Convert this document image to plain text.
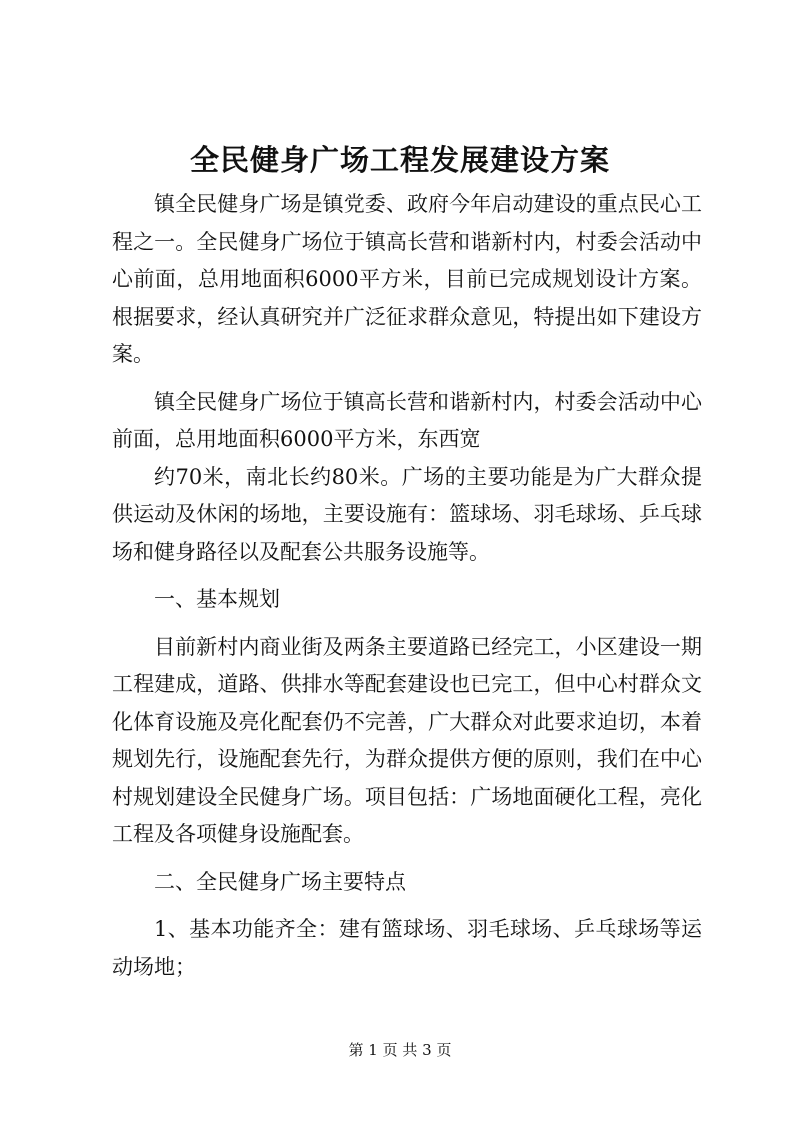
全民健身广场工程发展建设方案

镇全民健身广场是镇党委、政府今年启动建设的重点民心工程之一。全民健身广场位于镇高长营和谐新村内，村委会活动中心前面，总用地面积6000平方米，目前已完成规划设计方案。根据要求，经认真研究并广泛征求群众意见，特提出如下建设方案。

镇全民健身广场位于镇高长营和谐新村内，村委会活动中心前面，总用地面积6000平方米，东西宽

约70米，南北长约80米。广场的主要功能是为广大群众提供运动及休闲的场地，主要设施有：篮球场、羽毛球场、乒乓球场和健身路径以及配套公共服务设施等。

一、基本规划

目前新村内商业街及两条主要道路已经完工，小区建设一期工程建成，道路、供排水等配套建设也已完工，但中心村群众文化体育设施及亮化配套仍不完善，广大群众对此要求迫切，本着规划先行，设施配套先行，为群众提供方便的原则，我们在中心村规划建设全民健身广场。项目包括：广场地面硬化工程，亮化工程及各项健身设施配套。

二、全民健身广场主要特点

1、基本功能齐全：建有篮球场、羽毛球场、乒乓球场等运动场地；

第 1 页 共 3 页
